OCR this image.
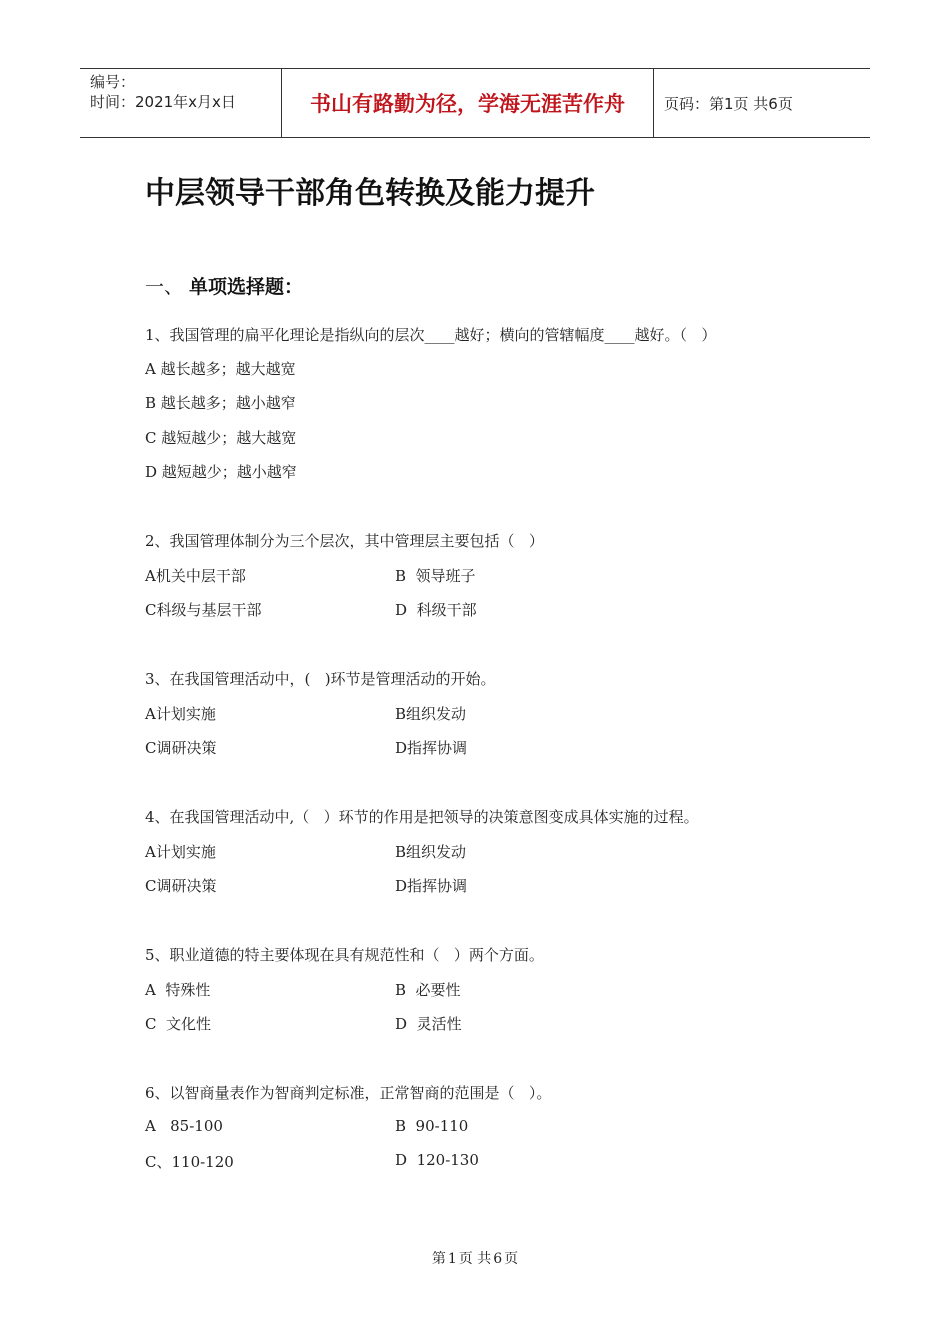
编号：
时间：2021年x月x日	书山有路勤为径，学海无涯苦作舟	页码：第1页 共6页
中层领导干部角色转换及能力提升
一、 单项选择题：
1、我国管理的扁平化理论是指纵向的层次____越好；横向的管辖幅度____越好。（   ）
A 越长越多；越大越宽
B 越长越多；越小越窄
C 越短越少；越大越宽
D 越短越少；越小越窄
2、我国管理体制分为三个层次，其中管理层主要包括（   ）
A机关中层干部	B  领导班子
C科级与基层干部	D  科级干部
3、在我国管理活动中，(   )环节是管理活动的开始。
A计划实施	B组织发动
C调研决策	D指挥协调
4、在我国管理活动中,（   ）环节的作用是把领导的决策意图变成具体实施的过程。
A计划实施	B组织发动
C调研决策	D指挥协调
5、职业道德的特主要体现在具有规范性和（   ）两个方面。
A  特殊性	B  必要性
C  文化性	D  灵活性
6、以智商量表作为智商判定标准，正常智商的范围是（   ）。
A   85-100	B  90-110
C、110-120	D  120-130
第 1 页 共 6 页
